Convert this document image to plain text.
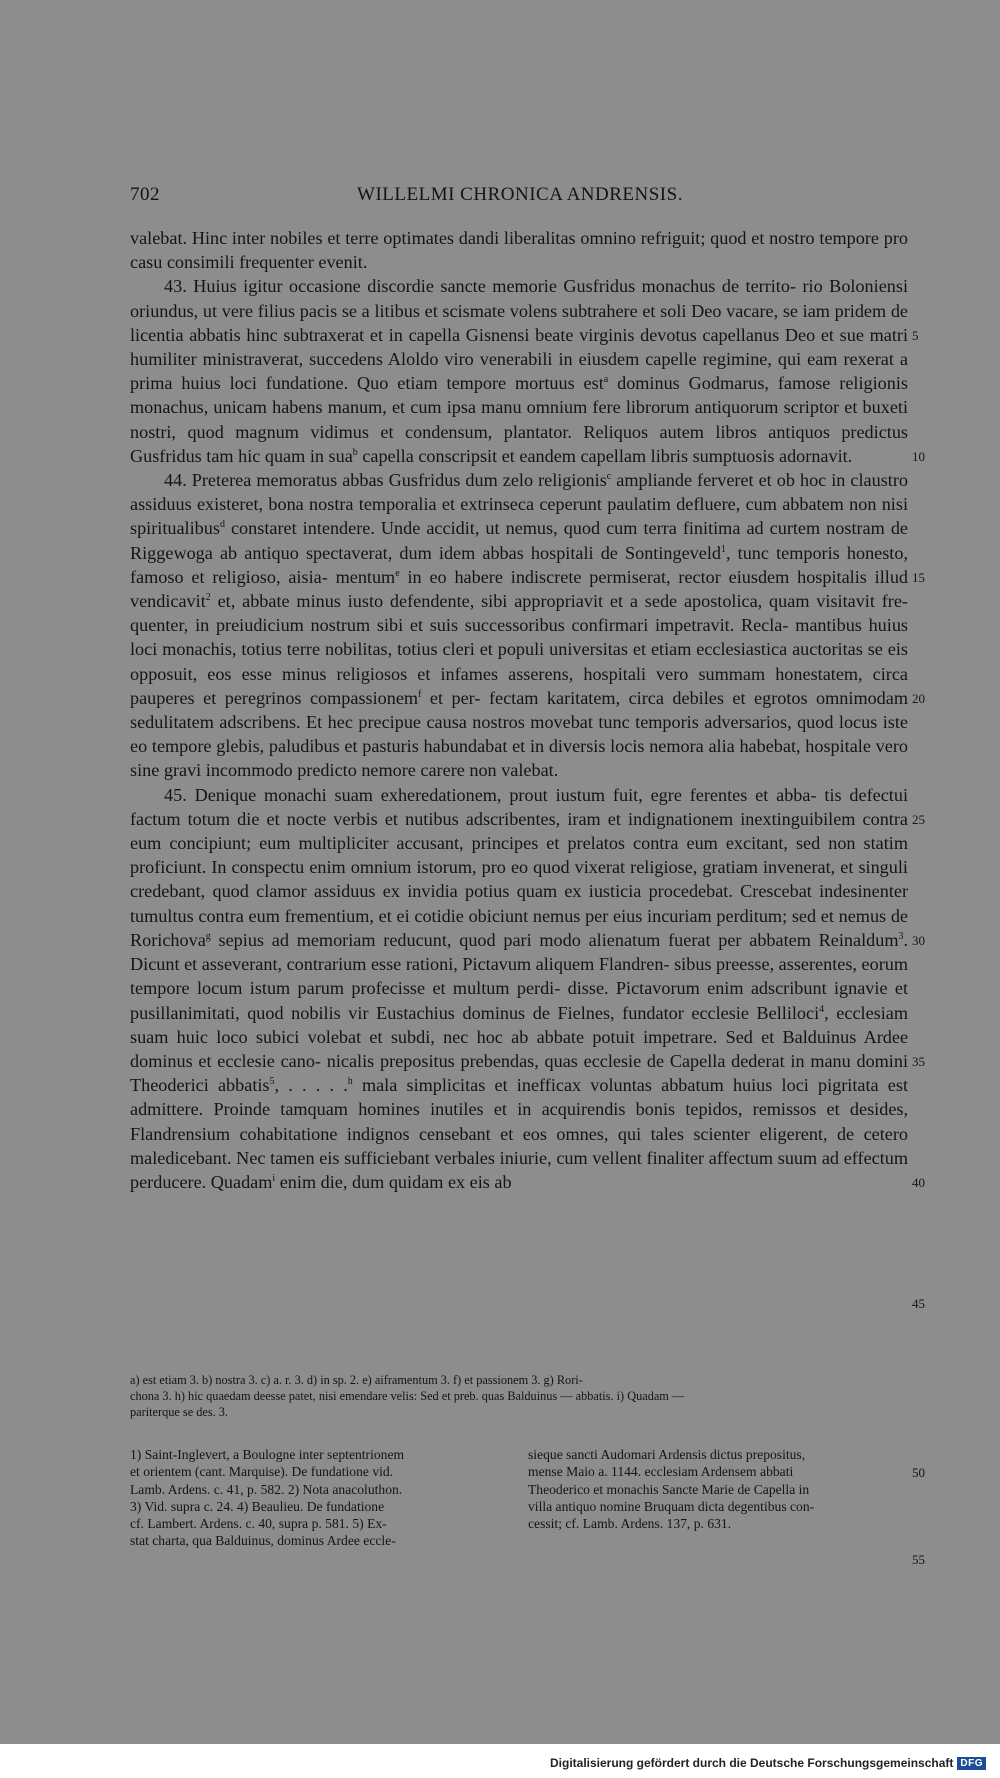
702	WILLELMI CHRONICA ANDRENSIS.

valebat. Hinc inter nobiles et terre optimates dandi liberalitas omnino refriguit; quod et nostro tempore pro casu consimili frequenter evenit.

43. Huius igitur occasione discordie sancte memorie Gusfridus monachus de territo- rio Boloniensi oriundus, ut vere filius pacis se a litibus et scismate volens subtrahere et soli Deo vacare, se iam pridem de licentia abbatis hinc subtraxerat et in capella Gisnensi beate virginis devotus capellanus Deo et sue matri humiliter ministraverat, succedens Aloldo viro venerabili in eiusdem capelle regimine, qui eam rexerat a prima huius loci fundatione. Quo etiam tempore mortuus est$^a$ dominus Godmarus, famose religionis monachus, unicam habens manum, et cum ipsa manu omnium fere librorum antiquorum scriptor et buxeti nostri, quod magnum vidimus et condensum, plantator. Reliquos autem libros antiquos predictus Gusfridus tam hic quam in sua$^b$ capella conscripsit et eandem capellam libris sumptuosis adornavit.

44. Preterea memoratus abbas Gusfridus dum zelo religionis$^c$ ampliande ferveret et ob hoc in claustro assiduus existeret, bona nostra temporalia et extrinseca ceperunt paulatim defluere, cum abbatem non nisi spiritualibus$^d$ constaret intendere. Unde accidit, ut nemus, quod cum terra finitima ad curtem nostram de Riggewoga ab antiquo spectaverat, dum idem abbas hospitali de Sontingeveld$^1$, tunc temporis honesto, famoso et religioso, aisia- mentum$^e$ in eo habere indiscrete permiserat, rector eiusdem hospitalis illud vendicavit$^2$ et, abbate minus iusto defendente, sibi appropriavit et a sede apostolica, quam visitavit fre- quenter, in preiudicium nostrum sibi et suis successoribus confirmari impetravit. Recla- mantibus huius loci monachis, totius terre nobilitas, totius cleri et populi universitas et etiam ecclesiastica auctoritas se eis opposuit, eos esse minus religiosos et infames asserens, hospitali vero summam honestatem, circa pauperes et peregrinos compassionem$^f$ et per- fectam karitatem, circa debiles et egrotos omnimodam sedulitatem adscribens. Et hec precipue causa nostros movebat tunc temporis adversarios, quod locus iste eo tempore glebis, paludibus et pasturis habundabat et in diversis locis nemora alia habebat, hospitale vero sine gravi incommodo predicto nemore carere non valebat.

45. Denique monachi suam exheredationem, prout iustum fuit, egre ferentes et abba- tis defectui factum totum die et nocte verbis et nutibus adscribentes, iram et indignationem inextinguibilem contra eum concipiunt; eum multipliciter accusant, principes et prelatos contra eum excitant, sed non statim proficiunt. In conspectu enim omnium istorum, pro eo quod vixerat religiose, gratiam invenerat, et singuli credebant, quod clamor assiduus ex invidia potius quam ex iusticia procedebat. Crescebat indesinenter tumultus contra eum frementium, et ei cotidie obiciunt nemus per eius incuriam perditum; sed et nemus de Rorichova$^g$ sepius ad memoriam reducunt, quod pari modo alienatum fuerat per abbatem Reinaldum$^3$. Dicunt et asseverant, contrarium esse rationi, Pictavum aliquem Flandren- sibus preesse, asserentes, eorum tempore locum istum parum profecisse et multum perdi- disse. Pictavorum enim adscribunt ignavie et pusillanimitati, quod nobilis vir Eustachius dominus de Fielnes, fundator ecclesie Belliloci$^4$, ecclesiam suam huic loco subici volebat et subdi, nec hoc ab abbate potuit impetrare. Sed et Balduinus Ardee dominus et ecclesie cano- nicalis prepositus prebendas, quas ecclesie de Capella dederat in manu domini Theoderici abbatis$^5$, . . . . .$^h$ mala simplicitas et inefficax voluntas abbatum huius loci pigritata est admittere. Proinde tamquam homines inutiles et in acquirendis bonis tepidos, remissos et desides, Flandrensium cohabitatione indignos censebant et eos omnes, qui tales scienter eligerent, de cetero maledicebant. Nec tamen eis sufficiebant verbales iniurie, cum vellent finaliter affectum suum ad effectum perducere. Quadam$^i$ enim die, dum quidam ex eis ab

5
10
15
20
25
30
35
40
45

a) est etiam 3. b) nostra 3. c) a. r. 3. d) in sp. 2. e) aiframentum 3. f) et passionem 3. g) Rori-

chona 3. h) hic quaedam deesse patet, nisi emendare velis: Sed et preb. quas Balduinus — abbatis. i) Quadam —

pariterque se des. 3.

1) Saint-Inglevert, a Boulogne inter septentrionem

et orientem (cant. Marquise). De fundatione vid.

Lamb. Ardens. c. 41, p. 582. 2) Nota anacoluthon.

3) Vid. supra c. 24. 4) Beaulieu. De fundatione

cf. Lambert. Ardens. c. 40, supra p. 581. 5) Ex-

stat charta, qua Balduinus, dominus Ardee eccle-

sieque sancti Audomari Ardensis dictus prepositus,

mense Maio a. 1144. ecclesiam Ardensem abbati

Theoderico et monachis Sancte Marie de Capella in

villa antiquo nomine Bruquam dicta degentibus con-

cessit; cf. Lamb. Ardens. 137, p. 631.

50
55
Digitalisierung gefördert durch die Deutsche Forschungsgemeinschaft DFG
